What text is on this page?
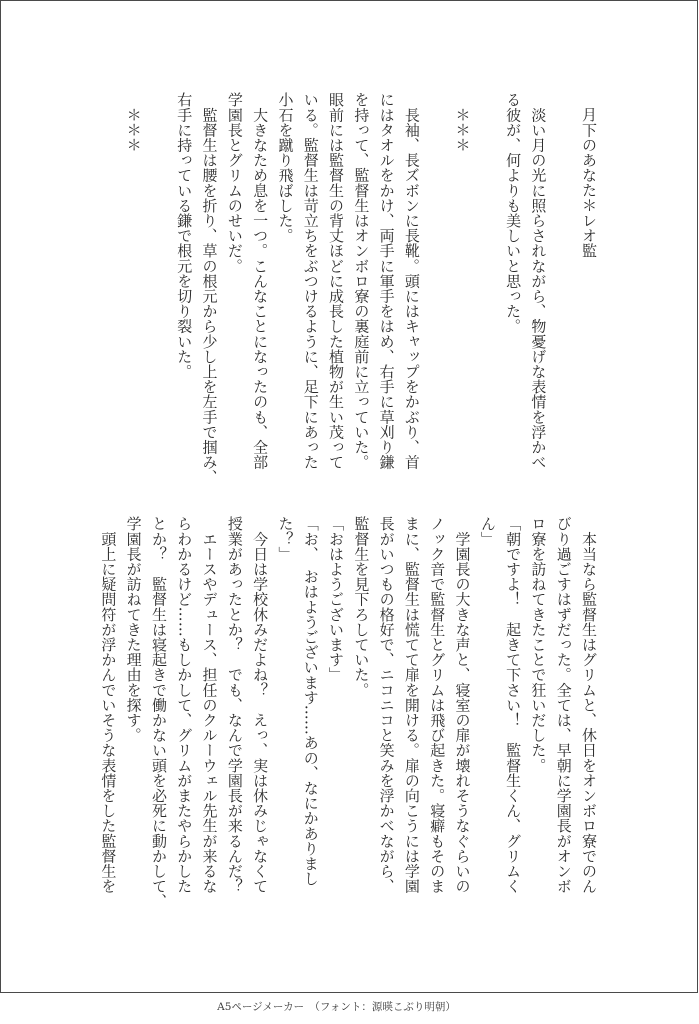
月下のあなた＊レオ監
　淡い月の光に照らされながら、物憂げな表情を浮かべ
る彼が、何よりも美しいと思った。
＊＊＊
　長袖、長ズボンに長靴。頭にはキャップをかぶり、首
にはタオルをかけ、両手に軍手をはめ、右手に草刈り鎌
を持って、監督生はオンボロ寮の裏庭前に立っていた。
眼前には監督生の背丈ほどに成長した植物が生い茂って
いる。監督生は苛立ちをぶつけるように、足下にあった
小石を蹴り飛ばした。
　大きなため息を一つ。こんなことになったのも、全部
学園長とグリムのせいだ。
　監督生は腰を折り、草の根元から少し上を左手で掴み、
右手に持っている鎌で根元を切り裂いた。
＊＊＊
　本当なら監督生はグリムと、休日をオンボロ寮でのん
びり過ごすはずだった。全ては、早朝に学園長がオンボ
ロ寮を訪ねてきたことで狂いだした。
「朝ですよ！　起きて下さい！　監督生くん、グリムく
ん」
　学園長の大きな声と、寝室の扉が壊れそうなぐらいの
ノック音で監督生とグリムは飛び起きた。寝癖もそのま
まに、監督生は慌てて扉を開ける。扉の向こうには学園
長がいつもの格好で、ニコニコと笑みを浮かべながら、
監督生を見下ろしていた。
「おはようございます」
「お、　おはようございます……あの、なにかありまし
た？」
　今日は学校休みだよね？　えっ、実は休みじゃなくて
授業があったとか？　でも、なんで学園長が来るんだ？
　エースやデュース、担任のクルーウェル先生が来るな
らわかるけど……もしかして、グリムがまたやらかした
とか？　監督生は寝起きで働かない頭を必死に動かして、
学園長が訪ねてきた理由を探す。
　頭上に疑問符が浮かんでいそうな表情をした監督生を
A5ページメーカー　（フォント：源暎こぶり明朝）
